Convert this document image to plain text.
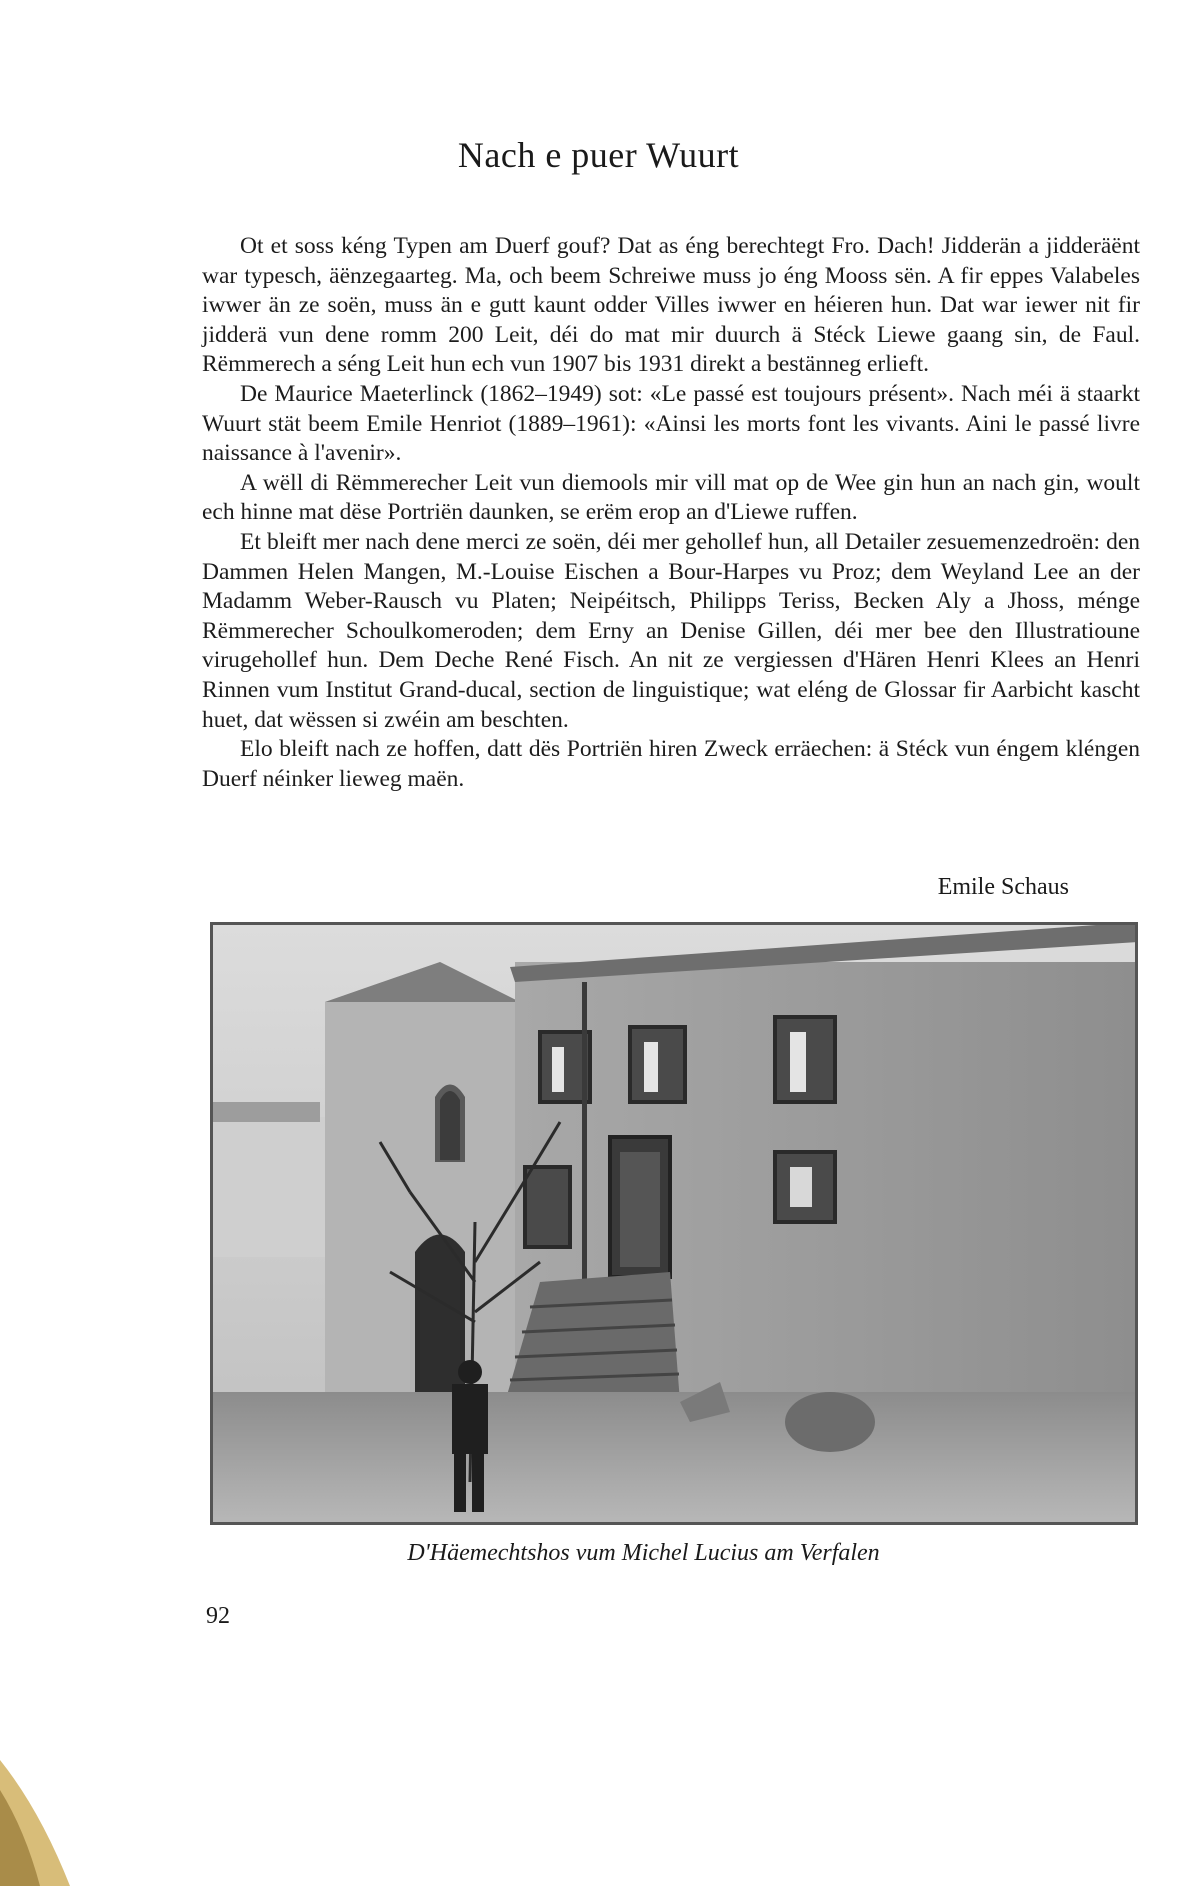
Nach e puer Wuurt

Ot et soss kéng Typen am Duerf gouf? Dat as éng berechtegt Fro. Dach! Jidderän a jidderäënt war typesch, äënzegaarteg. Ma, och beem Schreiwe muss jo éng Mooss sën. A fir eppes Valabeles iwwer än ze soën, muss än e gutt kaunt odder Villes iwwer en héieren hun. Dat war iewer nit fir jidderä vun dene romm 200 Leit, déi do mat mir duurch ä Stéck Liewe gaang sin, de Faul. Rëmmerech a séng Leit hun ech vun 1907 bis 1931 direkt a bestänneg erlieft.

De Maurice Maeterlinck (1862–1949) sot: «Le passé est toujours présent». Nach méi ä staarkt Wuurt stät beem Emile Henriot (1889–1961): «Ainsi les morts font les vivants. Aini le passé livre naissance à l'avenir».

A wëll di Rëmmerecher Leit vun diemools mir vill mat op de Wee gin hun an nach gin, woult ech hinne mat dëse Portriën daunken, se erëm erop an d'Liewe ruffen.

Et bleift mer nach dene merci ze soën, déi mer gehollef hun, all Detailer zesuemenzedroën: den Dammen Helen Mangen, M.-Louise Eischen a Bour-Harpes vu Proz; dem Weyland Lee an der Madamm Weber-Rausch vu Platen; Neipéitsch, Philipps Teriss, Becken Aly a Jhoss, ménge Rëmmerecher Schoulkomeroden; dem Erny an Denise Gillen, déi mer bee den Illustratioune virugehollef hun. Dem Deche René Fisch. An nit ze vergiessen d'Hären Henri Klees an Henri Rinnen vum Institut Grand-ducal, section de linguistique; wat eléng de Glossar fir Aarbicht kascht huet, dat wëssen si zwéin am beschten.

Elo bleift nach ze hoffen, datt dës Portriën hiren Zweck erräechen: ä Stéck vun éngem kléngen Duerf néinker lieweg maën.

Emile Schaus
D'Häemechtshos vum Michel Lucius am Verfalen
92
